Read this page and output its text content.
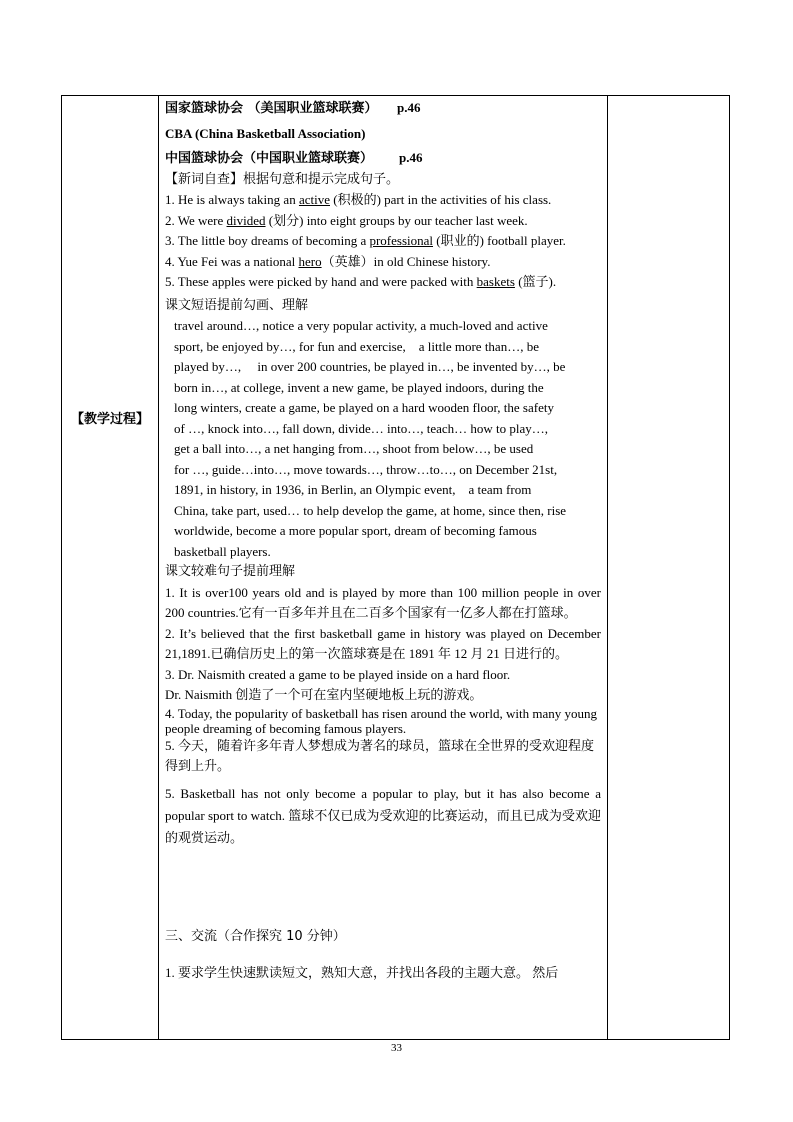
【教学过程】

国家篮球协会 （美国职业篮球联赛） p.46

CBA (China Basketball Association)

中国篮球协会（中国职业篮球联赛） p.46

【新词自查】根据句意和提示完成句子。

1. He is always taking an active (积极的) part in the activities of his class.

2. We were divided (划分) into eight groups by our teacher last week.

3. The little boy dreams of becoming a professional (职业的) football player.

4. Yue Fei was a national hero（英雄）in old Chinese history.

5. These apples were picked by hand and were packed with baskets (篮子).

课文短语提前勾画、理解

travel around…, notice a very popular activity, a much-loved and active

sport, be enjoyed by…, for fun and exercise,    a little more than…, be

played by…,     in over 200 countries, be played in…, be invented by…, be

born in…, at college, invent a new game, be played indoors, during the

long winters, create a game, be played on a hard wooden floor, the safety

of …, knock into…, fall down, divide… into…, teach… how to play…,

get a ball into…, a net hanging from…, shoot from below…, be used

for …, guide…into…, move towards…, throw…to…, on December 21st,

1891, in history, in 1936, in Berlin, an Olympic event,    a team from

China, take part, used… to help develop the game, at home, since then, rise

worldwide, become a more popular sport, dream of becoming famous

basketball players.

课文较难句子提前理解

1. It is over100 years old and is played by more than 100 million people in over 200 countries.它有一百多年并且在二百多个国家有一亿多人都在打篮球。

2. It’s believed that the first basketball game in history was played on December 21,1891.已确信历史上的第一次篮球赛是在 1891 年 12 月 21 日进行的。

3. Dr. Naismith created a game to be played inside on a hard floor.

Dr. Naismith 创造了一个可在室内坚硬地板上玩的游戏。

4. Today, the popularity of basketball has risen around the world, with many young people dreaming of becoming famous players.

5. 今天，随着许多年青人梦想成为著名的球员，篮球在全世界的受欢迎程度得到上升。

5. Basketball has not only become a popular to play, but it has also become a popular sport to watch. 篮球不仅已成为受欢迎的比赛运动，而且已成为受欢迎的观赏运动。

三、交流（合作探究 10 分钟）

1. 要求学生快速默读短文，熟知大意，并找出各段的主题大意。 然后

33
